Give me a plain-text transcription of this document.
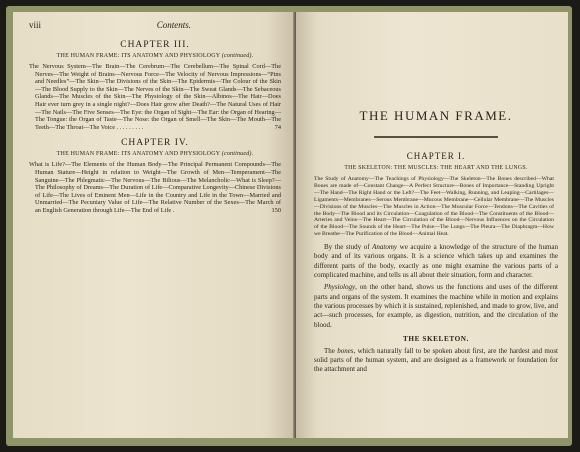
viii	Contents.
CHAPTER III.
THE HUMAN FRAME: ITS ANATOMY AND PHYSIOLOGY (continued).

The Nervous System—The Brain—The Cerebrum—The Cerebellum—The Spinal Cord—The Nerves—The Weight of Brains—Nervous Force—The Velocity of Nervous Impressions—“Pins and Needles”—The Skin—The Divisions of the Skin—The Epidermis—The Colour of the Skin—The Blood Supply to the Skin—The Nerves of the Skin—The Sweat Glands—The Sebaceous Glands—The Muscles of the Skin—The Physiology of the Skin—Albinos—The Hair—Does Hair ever turn grey in a single night?—Does Hair grow after Death?—The Natural Uses of Hair—The Nails—The Five Senses—The Eye: the Organ of Sight—The Ear: the Organ of Hearing—The Tongue: the Organ of Taste—The Nose: the Organ of Smell—The Skin—The Mouth—The Teeth—The Throat—The Voice . . . . . . . . .	74

CHAPTER IV.
THE HUMAN FRAME: ITS ANATOMY AND PHYSIOLOGY (continued).

What is Life?—The Elements of the Human Body—The Principal Permanent Compounds—The Human Stature—Height in relation to Weight—The Growth of Men—Temperament—The Sanguine—The Phlegmatic—The Nervous—The Bilious—The Melancholic—What is Sleep?—The Philosophy of Dreams—The Duration of Life—Comparative Longevity—Chinese Divisions of Life—The Lives of Eminent Men—Life in the Country and Life in the Town—Married and Unmarried—The Pecuniary Value of Life—The Relative Number of the Sexes—The March of an English Generation through Life—The End of Life .	150

THE HUMAN FRAME.
CHAPTER I.
THE SKELETON: THE MUSCLES: THE HEART AND THE LUNGS.

The Study of Anatomy—The Teachings of Physiology—The Skeleton—The Bones described—What Bones are made of—Constant Change—A Perfect Structure—Bones of Importance—Standing Upright—The Hand—The Right Hand or the Left?—The Feet—Walking, Running, and Leaping—Cartilages—Ligaments—Membranes—Serous Membrane—Mucous Membrane—Cellular Membrane—The Muscles—Divisions of the Muscles—The Muscles in Action—The Muscular Force—Tendons—The Cavities of the Body—The Blood and its Circulation—Coagulation of the Blood—The Constituents of the Blood—Arteries and Veins—The Heart—The Circulation of the Blood—Nervous Influences on the Circulation of the Blood—The Sounds of the Heart—The Pulse—The Lungs—The Pleura—The Diaphragm—How we Breathe—The Purification of the Blood—Animal Heat.

By the study of Anatomy we acquire a knowledge of the structure of the human body and of its various organs. It is a science which takes up and examines the different parts of the body, exactly as one might examine the various parts of a complicated machine, and tells us all about their situation, form and character.

Physiology, on the other hand, shows us the functions and uses of the different parts and organs of the system. It examines the machine while in motion and explains the various processes by which it is sustained, replenished, and made to grow, live, and act—such processes, for example, as digestion, nutrition, and the circulation of the blood.

THE SKELETON.

The bones, which naturally fall to be spoken about first, are the hardest and most solid parts of the human system, and are designed as a framework or foundation for the attachment and
